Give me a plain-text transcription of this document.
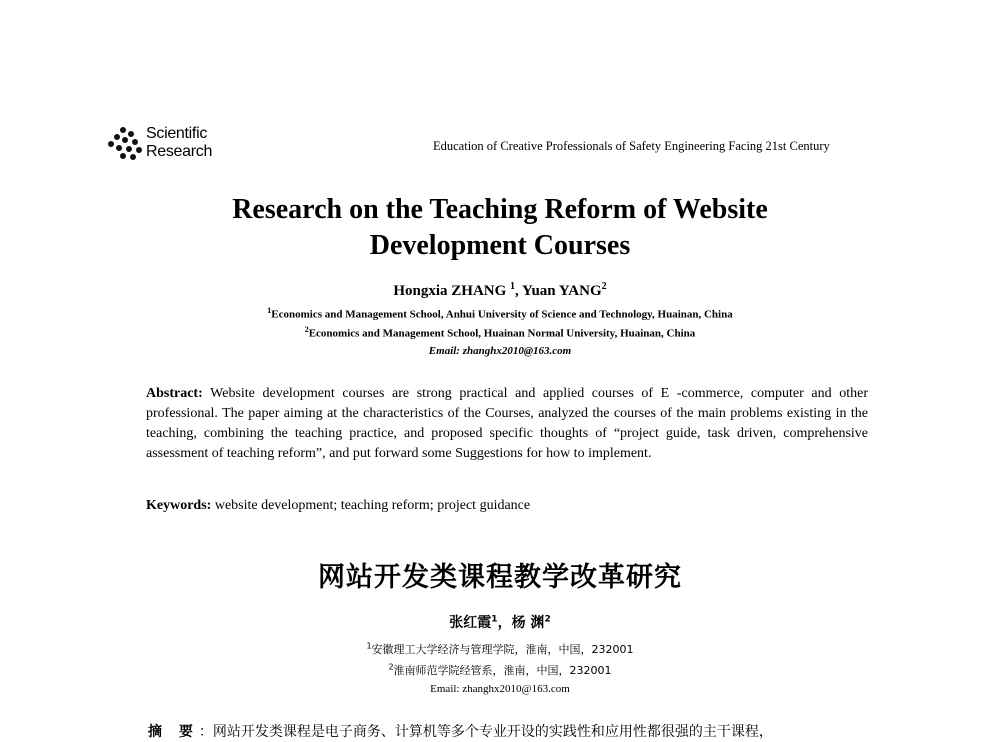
Scientific
Research	Education of Creative Professionals of Safety Engineering Facing 21st Century
Research on the Teaching Reform of Website
Development Courses
Hongxia ZHANG $^1$, Yuan YANG$^2$
$^1$Economics and Management School, Anhui University of Science and Technology, Huainan, China
$^2$Economics and Management School, Huainan Normal University, Huainan, China
Email: zhanghx2010@163.com
Abstract: Website development courses are strong practical and applied courses of E -commerce, computer and other professional. The paper aiming at the characteristics of the Courses, analyzed the courses of the main problems existing in the teaching, combining the teaching practice, and proposed specific thoughts of “project guide, task driven, comprehensive assessment of teaching reform”, and put forward some Suggestions for how to implement.
Keywords: website development; teaching reform; project guidance
网站开发类课程教学改革研究
张红霞$^1$，杨 渊$^2$
$^1$安徽理工大学经济与管理学院，淮南，中国，232001
$^2$淮南师范学院经管系，淮南，中国，232001
Email: zhanghx2010@163.com
摘 要：网站开发类课程是电子商务、计算机等多个专业开设的实践性和应用性都很强的主干课程，
